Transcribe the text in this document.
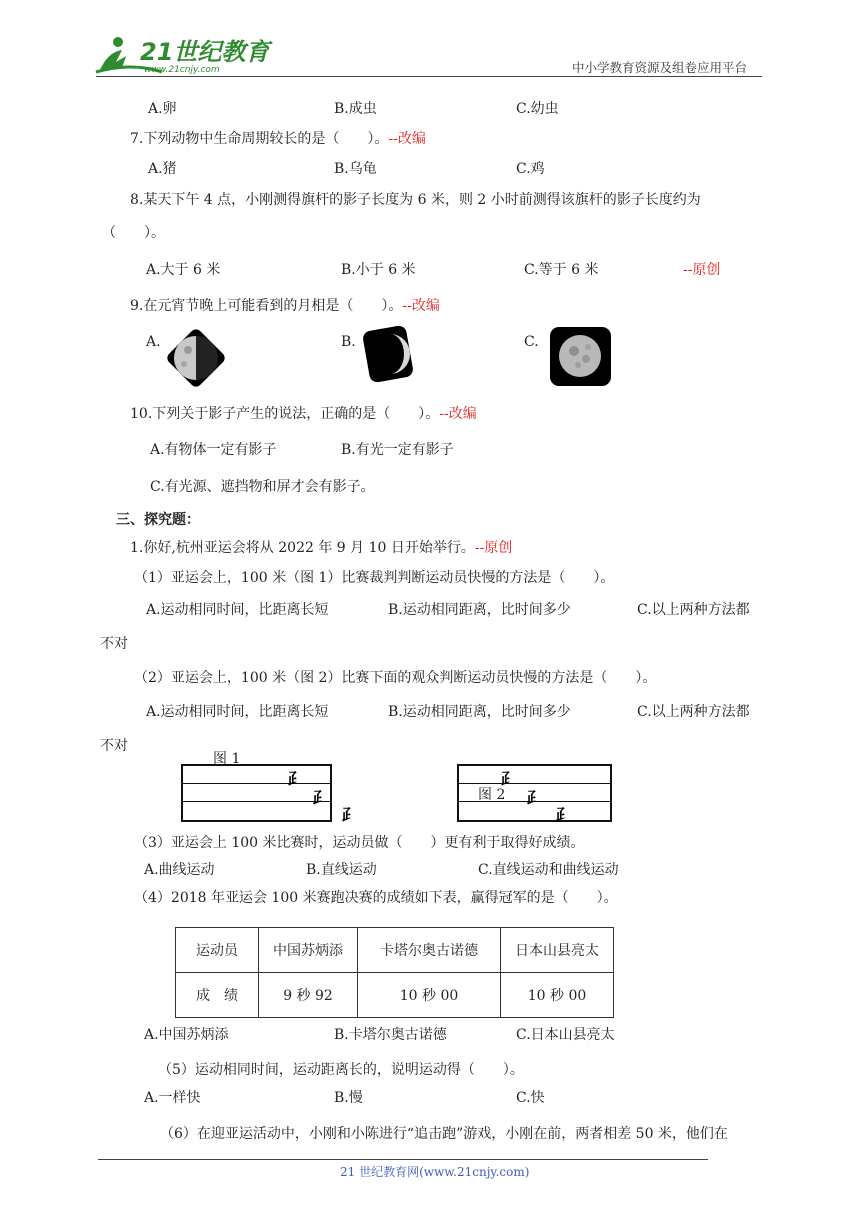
21世纪教育
www.21cnjy.com	中小学教育资源及组卷应用平台
A.卵	B.成虫	C.幼虫
7.下列动物中生命周期较长的是（　　）。--改编
A.猪	B.乌龟	C.鸡
8.某天下午 4 点，小刚测得旗杆的影子长度为 6 米，则 2 小时前测得该旗杆的影子长度约为
（　　）。
A.大于 6 米	B.小于 6 米	C.等于 6 米	--原创
9.在元宵节晚上可能看到的月相是（　　）。--改编
A.	B.	C.
10.下列关于影子产生的说法，正确的是（　　）。--改编
A.有物体一定有影子	B.有光一定有影子
C.有光源、遮挡物和屏才会有影子。
三、探究题：
1.你好,杭州亚运会将从 2022 年 9 月 10 日开始举行。--原创
（1）亚运会上，100 米（图 1）比赛裁判判断运动员快慢的方法是（　　）。
A.运动相同时间，比距离长短	B.运动相同距离，比时间多少	C.以上两种方法都
不对
（2）亚运会上，100 米（图 2）比赛下面的观众判断运动员快慢的方法是（　　）。
A.运动相同时间，比距离长短	B.运动相同距离，比时间多少	C.以上两种方法都
不对
图 1
⺪
⺪
⺪
图 2
⺪
⺪
⺪
（3）亚运会上 100 米比赛时，运动员做（　　）更有利于取得好成绩。
A.曲线运动	B.直线运动	C.直线运动和曲线运动
（4）2018 年亚运会 100 米赛跑决赛的成绩如下表，赢得冠军的是（　　）。
运动员	中国苏炳添	卡塔尔奥古诺德	日本山县亮太
成　绩	9 秒 92	10 秒 00	10 秒 00
A.中国苏炳添	B.卡塔尔奥古诺德	C.日本山县亮太
（5）运动相同时间，运动距离长的，说明运动得（　　）。
A.一样快	B.慢	C.快
（6）在迎亚运活动中，小刚和小陈进行“追击跑”游戏，小刚在前，两者相差 50 米，他们在
21 世纪教育网(www.21cnjy.com)
